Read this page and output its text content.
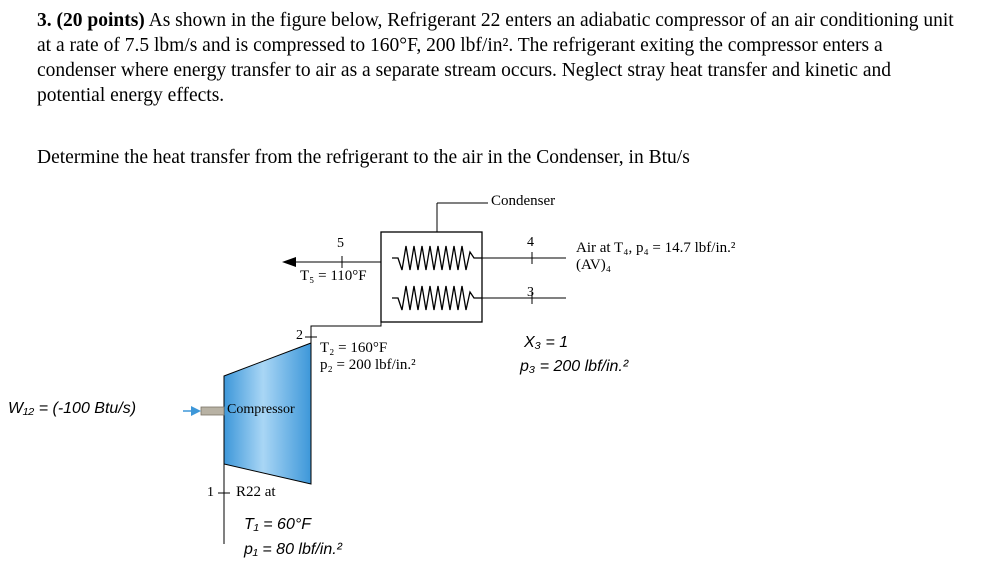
3. (20 points) As shown in the figure below, Refrigerant 22 enters an adiabatic compressor of an air conditioning unit at a rate of 7.5 lbm/s and is compressed to 160°F, 200 lbf/in². The refrigerant exiting the compressor enters a condenser where energy transfer to air as a separate stream occurs. Neglect stray heat transfer and kinetic and potential energy effects.
Determine the heat transfer from the refrigerant to the air in the Condenser, in Btu/s
Condenser
5	4
3
2
1
T₅ = 110°F
Air at T₄, p₄ = 14.7 lbf/in.²
(AV)₄
X₃ = 1
p₃ = 200 lbf/in.²
T₂ = 160°F
p₂ = 200 lbf/in.²
Compressor
W₁₂ = (-100 Btu/s)
R22 at
T₁ = 60°F
p₁ = 80 lbf/in.²
